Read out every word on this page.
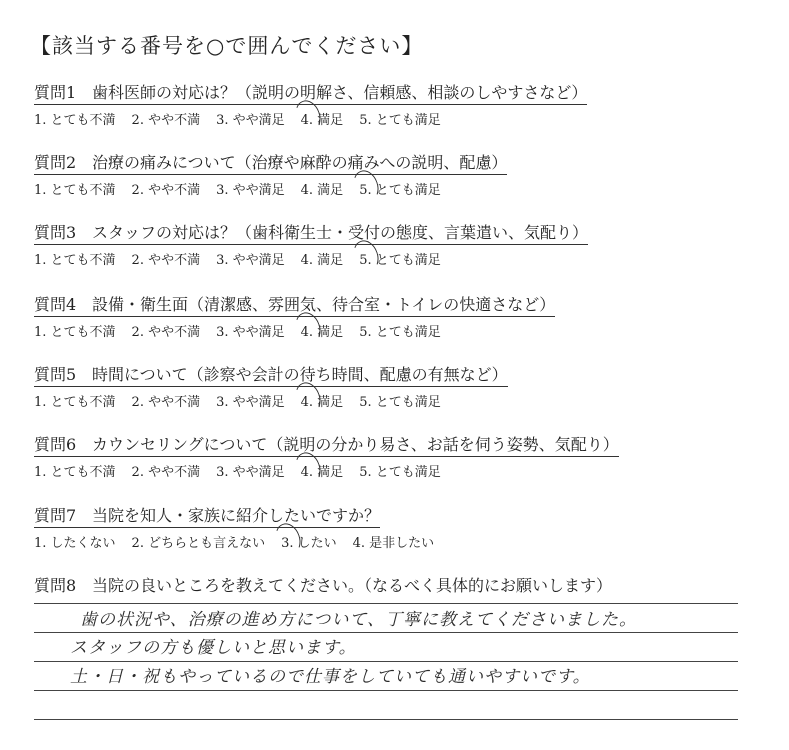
【該当する番号を○で囲んでください】
質問1 歯科医師の対応は？（説明の明解さ、信頼感、相談のしやすさなど）
1. とても不満 2. やや不満 3. やや満足 4. 満足 5. とても満足
質問2 治療の痛みについて（治療や麻酔の痛みへの説明、配慮）
1. とても不満 2. やや不満 3. やや満足 4. 満足 5. とても満足
質問3 スタッフの対応は？（歯科衛生士・受付の態度、言葉遣い、気配り）
1. とても不満 2. やや不満 3. やや満足 4. 満足 5. とても満足
質問4 設備・衛生面（清潔感、雰囲気、待合室・トイレの快適さなど）
1. とても不満 2. やや不満 3. やや満足 4. 満足 5. とても満足
質問5 時間について（診察や会計の待ち時間、配慮の有無など）
1. とても不満 2. やや不満 3. やや満足 4. 満足 5. とても満足
質問6 カウンセリングについて（説明の分かり易さ、お話を伺う姿勢、気配り）
1. とても不満 2. やや不満 3. やや満足 4. 満足 5. とても満足
質問7 当院を知人・家族に紹介したいですか？
1. したくない 2. どちらとも言えない 3. したい 4. 是非したい
質問8 当院の良いところを教えてください。（なるべく具体的にお願いします）
歯の状況や、治療の進め方について、丁寧に教えてくださいました。
スタッフの方も優しいと思います。
土・日・祝もやっているので仕事をしていても通いやすいです。
